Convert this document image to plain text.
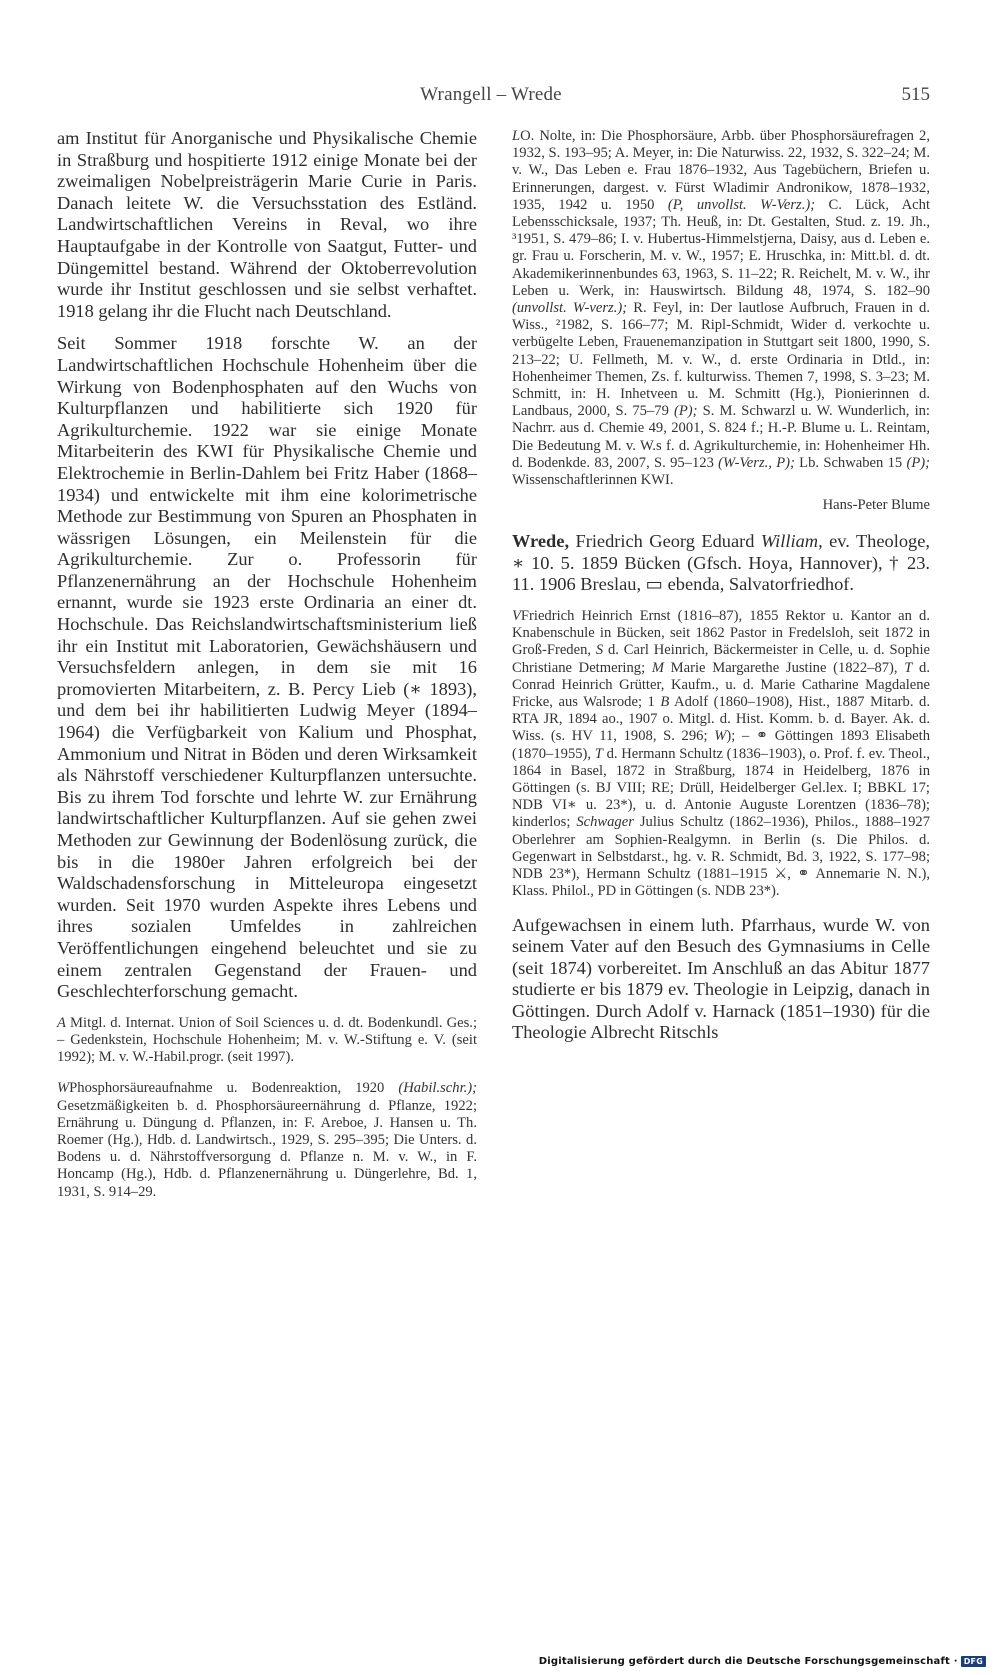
Wrangell – Wrede	515

am Institut für Anorganische und Physikalische Chemie in Straßburg und hospitierte 1912 einige Monate bei der zweimaligen Nobelpreisträgerin Marie Curie in Paris. Danach leitete W. die Versuchsstation des Estländ. Landwirtschaftlichen Vereins in Reval, wo ihre Hauptaufgabe in der Kontrolle von Saatgut, Futter- und Düngemittel bestand. Während der Oktoberrevolution wurde ihr Institut geschlossen und sie selbst verhaftet. 1918 gelang ihr die Flucht nach Deutschland.

Seit Sommer 1918 forschte W. an der Landwirtschaftlichen Hochschule Hohenheim über die Wirkung von Bodenphosphaten auf den Wuchs von Kulturpflanzen und habilitierte sich 1920 für Agrikulturchemie. 1922 war sie einige Monate Mitarbeiterin des KWI für Physikalische Chemie und Elektrochemie in Berlin-Dahlem bei Fritz Haber (1868–1934) und entwickelte mit ihm eine kolorimetrische Methode zur Bestimmung von Spuren an Phosphaten in wässrigen Lösungen, ein Meilenstein für die Agrikulturchemie. Zur o. Professorin für Pflanzenernährung an der Hochschule Hohenheim ernannt, wurde sie 1923 erste Ordinaria an einer dt. Hochschule. Das Reichslandwirtschaftsministerium ließ ihr ein Institut mit Laboratorien, Gewächshäusern und Versuchsfeldern anlegen, in dem sie mit 16 promovierten Mitarbeitern, z. B. Percy Lieb (∗ 1893), und dem bei ihr habilitierten Ludwig Meyer (1894–1964) die Verfügbarkeit von Kalium und Phosphat, Ammonium und Nitrat in Böden und deren Wirksamkeit als Nährstoff verschiedener Kulturpflanzen untersuchte. Bis zu ihrem Tod forschte und lehrte W. zur Ernährung landwirtschaftlicher Kulturpflanzen. Auf sie gehen zwei Methoden zur Gewinnung der Bodenlösung zurück, die bis in die 1980er Jahren erfolgreich bei der Waldschadensforschung in Mitteleuropa eingesetzt wurden. Seit 1970 wurden Aspekte ihres Lebens und ihres sozialen Umfeldes in zahlreichen Veröffentlichungen eingehend beleuchtet und sie zu einem zentralen Gegenstand der Frauen- und Geschlechterforschung gemacht.

A Mitgl. d. Internat. Union of Soil Sciences u. d. dt. Bodenkundl. Ges.; – Gedenkstein, Hochschule Hohenheim; M. v. W.-Stiftung e. V. (seit 1992); M. v. W.-Habil.progr. (seit 1997).

WPhosphorsäureaufnahme u. Bodenreaktion, 1920 (Habil.schr.); Gesetzmäßigkeiten b. d. Phosphorsäureernährung d. Pflanze, 1922; Ernährung u. Düngung d. Pflanzen, in: F. Areboe, J. Hansen u. Th. Roemer (Hg.), Hdb. d. Landwirtsch., 1929, S. 295–395; Die Unters. d. Bodens u. d. Nährstoffversorgung d. Pflanze n. M. v. W., in F. Honcamp (Hg.), Hdb. d. Pflanzenernährung u. Düngerlehre, Bd. 1, 1931, S. 914–29.

LO. Nolte, in: Die Phosphorsäure, Arbb. über Phosphorsäurefragen 2, 1932, S. 193–95; A. Meyer, in: Die Naturwiss. 22, 1932, S. 322–24; M. v. W., Das Leben e. Frau 1876–1932, Aus Tagebüchern, Briefen u. Erinnerungen, dargest. v. Fürst Wladimir Andronikow, 1878–1932, 1935, 1942 u. 1950 (P, unvollst. W-Verz.); C. Lück, Acht Lebensschicksale, 1937; Th. Heuß, in: Dt. Gestalten, Stud. z. 19. Jh., ³1951, S. 479–86; I. v. Hubertus-Himmelstjerna, Daisy, aus d. Leben e. gr. Frau u. Forscherin, M. v. W., 1957; E. Hruschka, in: Mitt.bl. d. dt. Akademikerinnenbundes 63, 1963, S. 11–22; R. Reichelt, M. v. W., ihr Leben u. Werk, in: Hauswirtsch. Bildung 48, 1974, S. 182–90 (unvollst. W-verz.); R. Feyl, in: Der lautlose Aufbruch, Frauen in d. Wiss., ²1982, S. 166–77; M. Ripl-Schmidt, Wider d. verkochte u. verbügelte Leben, Frauenemanzipation in Stuttgart seit 1800, 1990, S. 213–22; U. Fellmeth, M. v. W., d. erste Ordinaria in Dtld., in: Hohenheimer Themen, Zs. f. kulturwiss. Themen 7, 1998, S. 3–23; M. Schmitt, in: H. Inhetveen u. M. Schmitt (Hg.), Pionierinnen d. Landbaus, 2000, S. 75–79 (P); S. M. Schwarzl u. W. Wunderlich, in: Nachrr. aus d. Chemie 49, 2001, S. 824 f.; H.-P. Blume u. L. Reintam, Die Bedeutung M. v. W.s f. d. Agrikulturchemie, in: Hohenheimer Hh. d. Bodenkde. 83, 2007, S. 95–123 (W-Verz., P); Lb. Schwaben 15 (P); Wissenschaftlerinnen KWI.

Hans-Peter Blume

Wrede, Friedrich Georg Eduard William, ev. Theologe, ∗ 10. 5. 1859 Bücken (Gfsch. Hoya, Hannover), † 23. 11. 1906 Breslau, ▭ ebenda, Salvatorfriedhof.

VFriedrich Heinrich Ernst (1816–87), 1855 Rektor u. Kantor an d. Knabenschule in Bücken, seit 1862 Pastor in Fredelsloh, seit 1872 in Groß-Freden, S d. Carl Heinrich, Bäckermeister in Celle, u. d. Sophie Christiane Detmering; M Marie Margarethe Justine (1822–87), T d. Conrad Heinrich Grütter, Kaufm., u. d. Marie Catharine Magdalene Fricke, aus Walsrode; 1 B Adolf (1860–1908), Hist., 1887 Mitarb. d. RTA JR, 1894 ao., 1907 o. Mitgl. d. Hist. Komm. b. d. Bayer. Ak. d. Wiss. (s. HV 11, 1908, S. 296; W); – ⚭ Göttingen 1893 Elisabeth (1870–1955), T d. Hermann Schultz (1836–1903), o. Prof. f. ev. Theol., 1864 in Basel, 1872 in Straßburg, 1874 in Heidelberg, 1876 in Göttingen (s. BJ VIII; RE; Drüll, Heidelberger Gel.lex. I; BBKL 17; NDB VI∗ u. 23*), u. d. Antonie Auguste Lorentzen (1836–78); kinderlos; Schwager Julius Schultz (1862–1936), Philos., 1888–1927 Oberlehrer am Sophien-Realgymn. in Berlin (s. Die Philos. d. Gegenwart in Selbstdarst., hg. v. R. Schmidt, Bd. 3, 1922, S. 177–98; NDB 23*), Hermann Schultz (1881–1915 ⚔, ⚭ Annemarie N. N.), Klass. Philol., PD in Göttingen (s. NDB 23*).

Aufgewachsen in einem luth. Pfarrhaus, wurde W. von seinem Vater auf den Besuch des Gymnasiums in Celle (seit 1874) vorbereitet. Im Anschluß an das Abitur 1877 studierte er bis 1879 ev. Theologie in Leipzig, danach in Göttingen. Durch Adolf v. Harnack (1851–1930) für die Theologie Albrecht Ritschls

Digitalisierung gefördert durch die Deutsche Forschungsgemeinschaft · DFG
